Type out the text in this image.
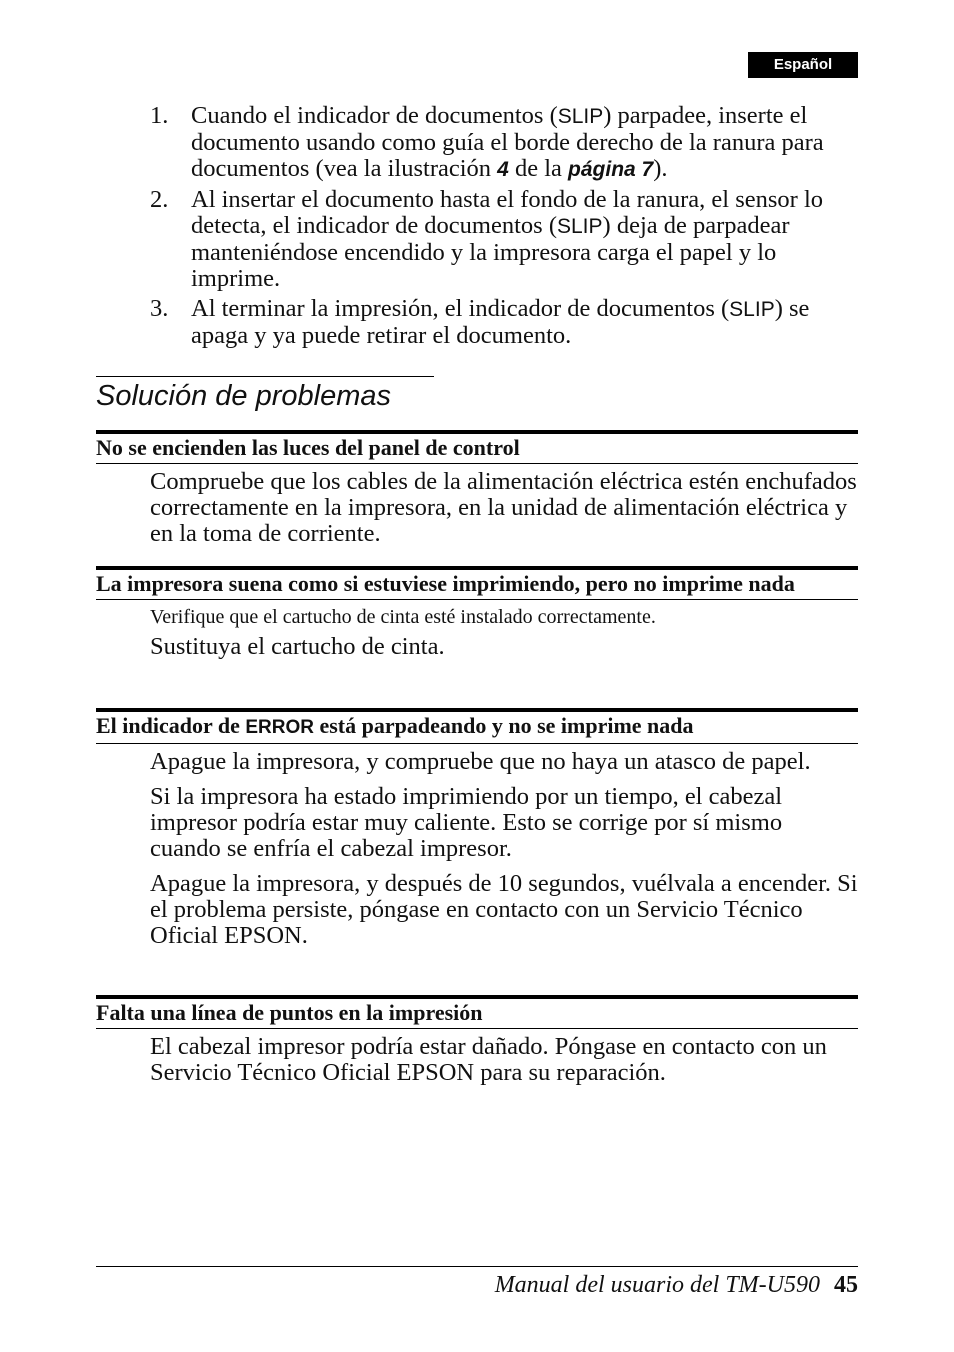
Español
1. Cuando el indicador de documentos (SLIP) parpadee, inserte el documento usando como guía el borde derecho de la ranura para documentos (vea la ilustración 4 de la página 7).
2. Al insertar el documento hasta el fondo de la ranura, el sensor lo detecta, el indicador de documentos (SLIP) deja de parpadear manteniéndose encendido y la impresora carga el papel y lo imprime.
3. Al terminar la impresión, el indicador de documentos (SLIP) se apaga y ya puede retirar el documento.
Solución de problemas
No se encienden las luces del panel de control

Compruebe que los cables de la alimentación eléctrica estén enchufados correctamente en la impresora, en la unidad de alimentación eléctrica y en la toma de corriente.

La impresora suena como si estuviese imprimiendo, pero no imprime nada

Verifique que el cartucho de cinta esté instalado correctamente.

Sustituya el cartucho de cinta.

El indicador de ERROR está parpadeando y no se imprime nada

Apague la impresora, y compruebe que no haya un atasco de papel.

Si la impresora ha estado imprimiendo por un tiempo, el cabezal impresor podría estar muy caliente. Esto se corrige por sí mismo cuando se enfría el cabezal impresor.

Apague la impresora, y después de 10 segundos, vuélvala a encender. Si el problema persiste, póngase en contacto con un Servicio Técnico Oficial EPSON.

Falta una línea de puntos en la impresión

El cabezal impresor podría estar dañado. Póngase en contacto con un Servicio Técnico Oficial EPSON para su reparación.

Manual del usuario del TM-U590 45
